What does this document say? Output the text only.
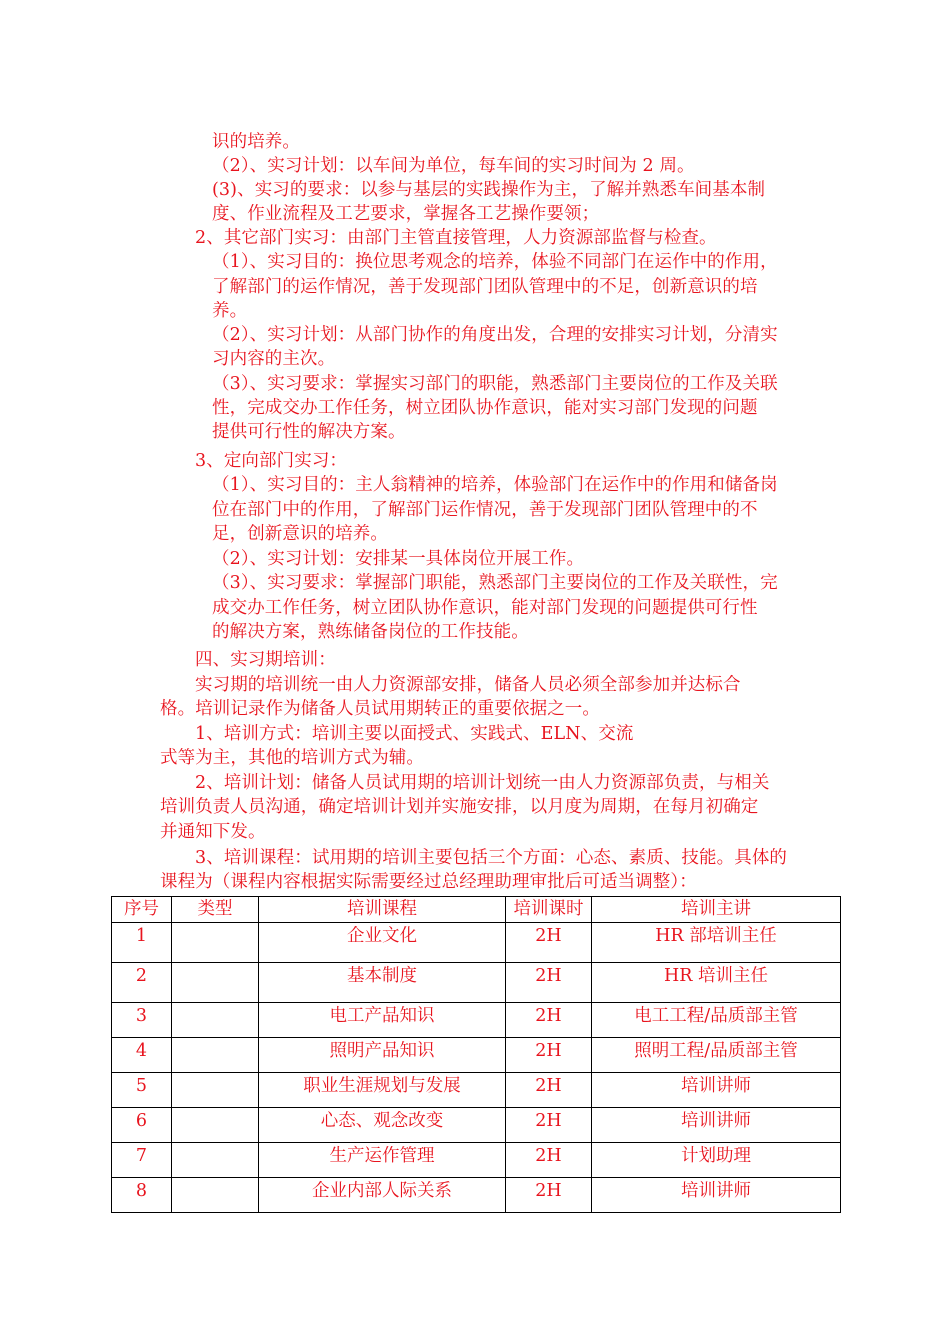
识的培养。
（2）、实习计划：以车间为单位，每车间的实习时间为 2 周。
(3)、实习的要求：以参与基层的实践操作为主，了解并熟悉车间基本制
度、作业流程及工艺要求，掌握各工艺操作要领；
2、其它部门实习：由部门主管直接管理，人力资源部监督与检查。
（1）、实习目的：换位思考观念的培养，体验不同部门在运作中的作用，
了解部门的运作情况，善于发现部门团队管理中的不足，创新意识的培
养。
（2）、实习计划：从部门协作的角度出发，合理的安排实习计划，分清实
习内容的主次。
（3）、实习要求：掌握实习部门的职能，熟悉部门主要岗位的工作及关联
性，完成交办工作任务，树立团队协作意识，能对实习部门发现的问题
提供可行性的解决方案。
3、定向部门实习：
（1）、实习目的：主人翁精神的培养，体验部门在运作中的作用和储备岗
位在部门中的作用，了解部门运作情况，善于发现部门团队管理中的不
足，创新意识的培养。
（2）、实习计划：安排某一具体岗位开展工作。
（3）、实习要求：掌握部门职能，熟悉部门主要岗位的工作及关联性，完
成交办工作任务，树立团队协作意识，能对部门发现的问题提供可行性
的解决方案，熟练储备岗位的工作技能。
四、实习期培训：
实习期的培训统一由人力资源部安排，储备人员必须全部参加并达标合
格。培训记录作为储备人员试用期转正的重要依据之一。
1、培训方式：培训主要以面授式、实践式、ELN、交流
式等为主，其他的培训方式为辅。
2、培训计划：储备人员试用期的培训计划统一由人力资源部负责，与相关
培训负责人员沟通，确定培训计划并实施安排，以月度为周期，在每月初确定
并通知下发。
3、培训课程：试用期的培训主要包括三个方面：心态、素质、技能。具体的
课程为（课程内容根据实际需要经过总经理助理审批后可适当调整）：
序号	类型	培训课程	培训课时	培训主讲
1		企业文化	2H	HR 部培训主任
2		基本制度	2H	HR 培训主任
3		电工产品知识	2H	电工工程/品质部主管
4		照明产品知识	2H	照明工程/品质部主管
5		职业生涯规划与发展	2H	培训讲师
6		心态、观念改变	2H	培训讲师
7		生产运作管理	2H	计划助理
8		企业内部人际关系	2H	培训讲师
